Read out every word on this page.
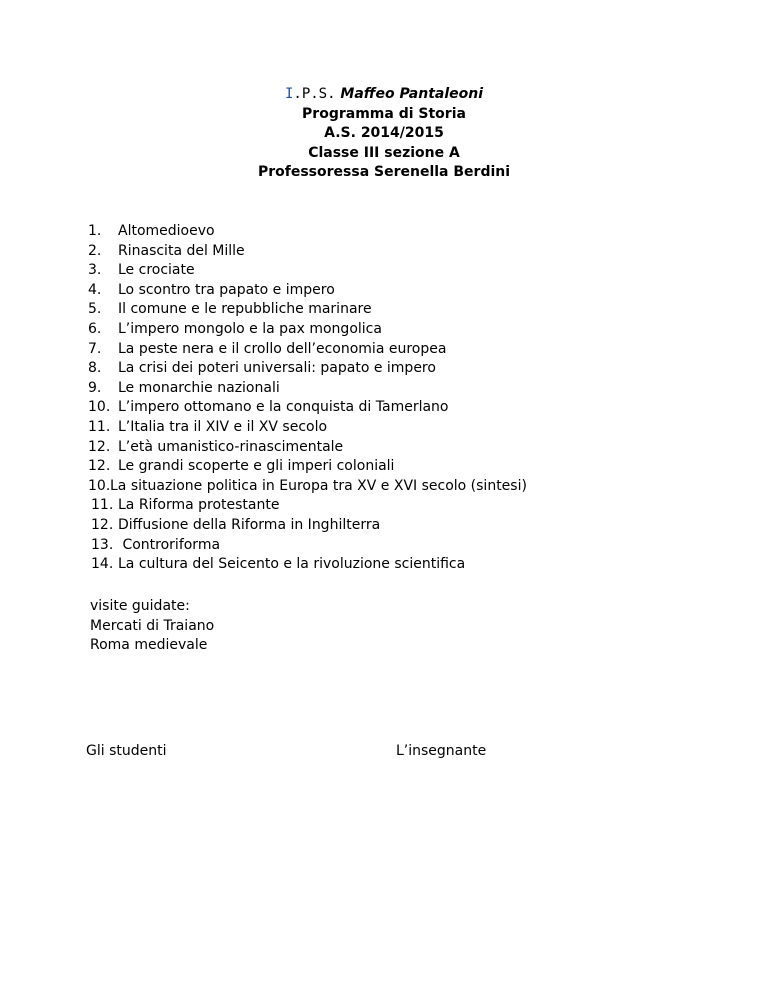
I.P.S. Maffeo Pantaleoni
Programma di Storia
A.S. 2014/2015
Classe III sezione A
Professoressa Serenella Berdini
1. Altomedioevo
2. Rinascita del Mille
3. Le crociate
4. Lo scontro tra papato e impero
5. Il comune e le repubbliche marinare
6. L’impero mongolo e la pax mongolica
7. La peste nera e il crollo dell’economia europea
8. La crisi dei poteri universali: papato e impero
9. Le monarchie nazionali
10. L’impero ottomano e la conquista di Tamerlano
11. L’Italia tra il XIV e il XV secolo
12. L’età umanistico-rinascimentale
12. Le grandi scoperte e gli imperi coloniali
10.La situazione politica in Europa tra XV e XVI secolo (sintesi)
11. La Riforma protestante
12. Diffusione della Riforma in Inghilterra
13. Controriforma
14. La cultura del Seicento e la rivoluzione scientifica
visite guidate:
Mercati di Traiano
Roma medievale
Gli studenti	L’insegnante
